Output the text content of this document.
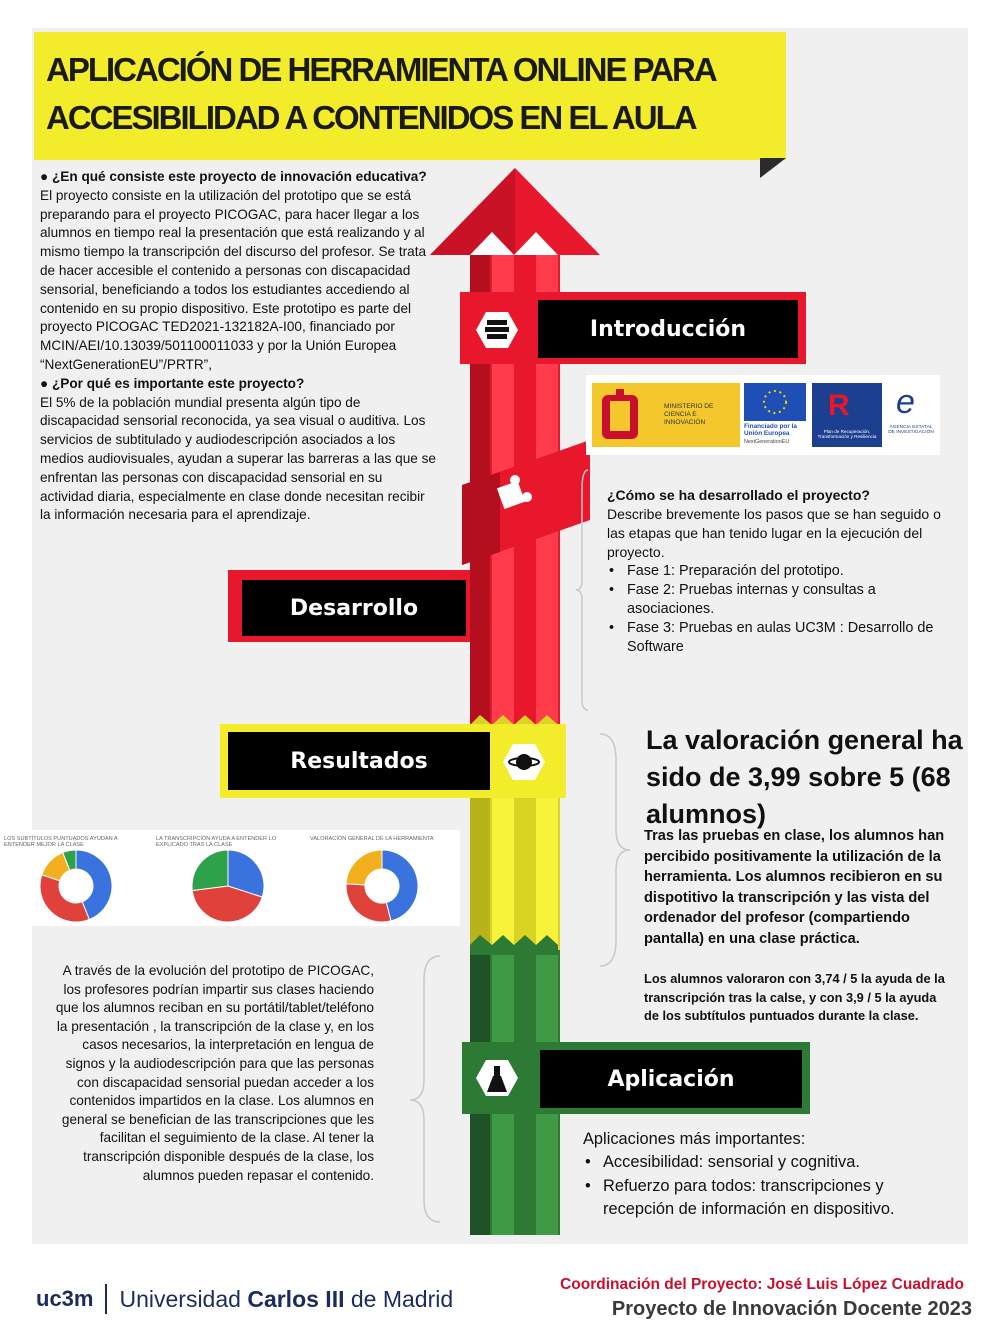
APLICACIÓN DE HERRAMIENTA ONLINE PARA
ACCESIBILIDAD A CONTENIDOS EN EL AULA

● ¿En qué consiste este proyecto de innovación educativa?

El proyecto consiste en la utilización del prototipo que se está preparando para el proyecto PICOGAC, para hacer llegar a los alumnos en tiempo real la presentación que está realizando y al mismo tiempo la transcripción del discurso del profesor. Se trata de hacer accesible el contenido a personas con discapacidad sensorial, beneficiando a todos los estudiantes accediendo al contenido en su propio dispositivo. Este prototipo es parte del proyecto PICOGAC TED2021-132182A-I00, financiado por MCIN/AEI/10.13039/501100011033 y por la Unión Europea “NextGenerationEU”/PRTR”,

● ¿Por qué es importante este proyecto?

El 5% de la población mundial presenta algún tipo de discapacidad sensorial reconocida, ya sea visual o auditiva. Los servicios de subtitulado y audiodescripción asociados a los medios audiovisuales, ayudan a superar las barreras a las que se enfrentan las personas con discapacidad sensorial en su actividad diaria, especialmente en clase donde necesitan recibir la información necesaria para el aprendizaje.

Introducción
Desarrollo
Resultados
Aplicación
MINISTERIO DE CIENCIA E INNOVACIÓN
Financiado por la Unión Europea
NextGenerationEU
R
Plan de Recuperación, Transformación y Resiliencia
e
AGENCIA ESTATAL DE INVESTIGACIÓN

¿Cómo se ha desarrollado el proyecto?

Describe brevemente los pasos que se han seguido o las etapas que han tenido lugar en la ejecución del proyecto.

• Fase 1: Preparación del prototipo.
• Fase 2: Pruebas internas y consultas a asociaciones.
• Fase 3: Pruebas en aulas UC3M : Desarrollo de Software
La valoración general ha sido de 3,99 sobre 5 (68 alumnos)
Tras las pruebas en clase, los alumnos han percibido positivamente la utilización de la herramienta. Los alumnos recibieron en su dispotitivo la transcripción y las vista del ordenador del profesor (compartiendo pantalla) en una clase práctica.
Los alumnos valoraron con 3,74 / 5 la ayuda de la transcripción tras la calse, y con 3,9 / 5 la ayuda de los subtítulos puntuados durante la clase.
LOS SUBTÍTULOS PUNTUADOS AYUDAN A ENTENDER MEJOR LA CLASE
LA TRANSCRIPCIÓN AYUDA A ENTENDER LO EXPLICADO TRAS LA CLASE
VALORACIÓN GENERAL DE LA HERRAMIENTA
A través de la evolución del prototipo de PICOGAC, los profesores podrían impartir sus clases haciendo que los alumnos reciban en su portátil/tablet/teléfono la presentación , la transcripción de la clase y, en los casos necesarios, la interpretación en lengua de signos y la audiodescripción para que las personas con discapacidad sensorial puedan acceder a los contenidos impartidos en la clase. Los alumnos en general se benefician de las transcripciones que les facilitan el seguimiento de la clase. Al tener la transcripción disponible después de la clase, los alumnos pueden repasar el contenido.
Aplicaciones más importantes:
• Accesibilidad: sensorial y cognitiva.
• Refuerzo para todos: transcripciones y recepción de información en dispositivo.
uc3m Universidad Carlos III de Madrid
Coordinación del Proyecto: José Luis López Cuadrado
Proyecto de Innovación Docente 2023
